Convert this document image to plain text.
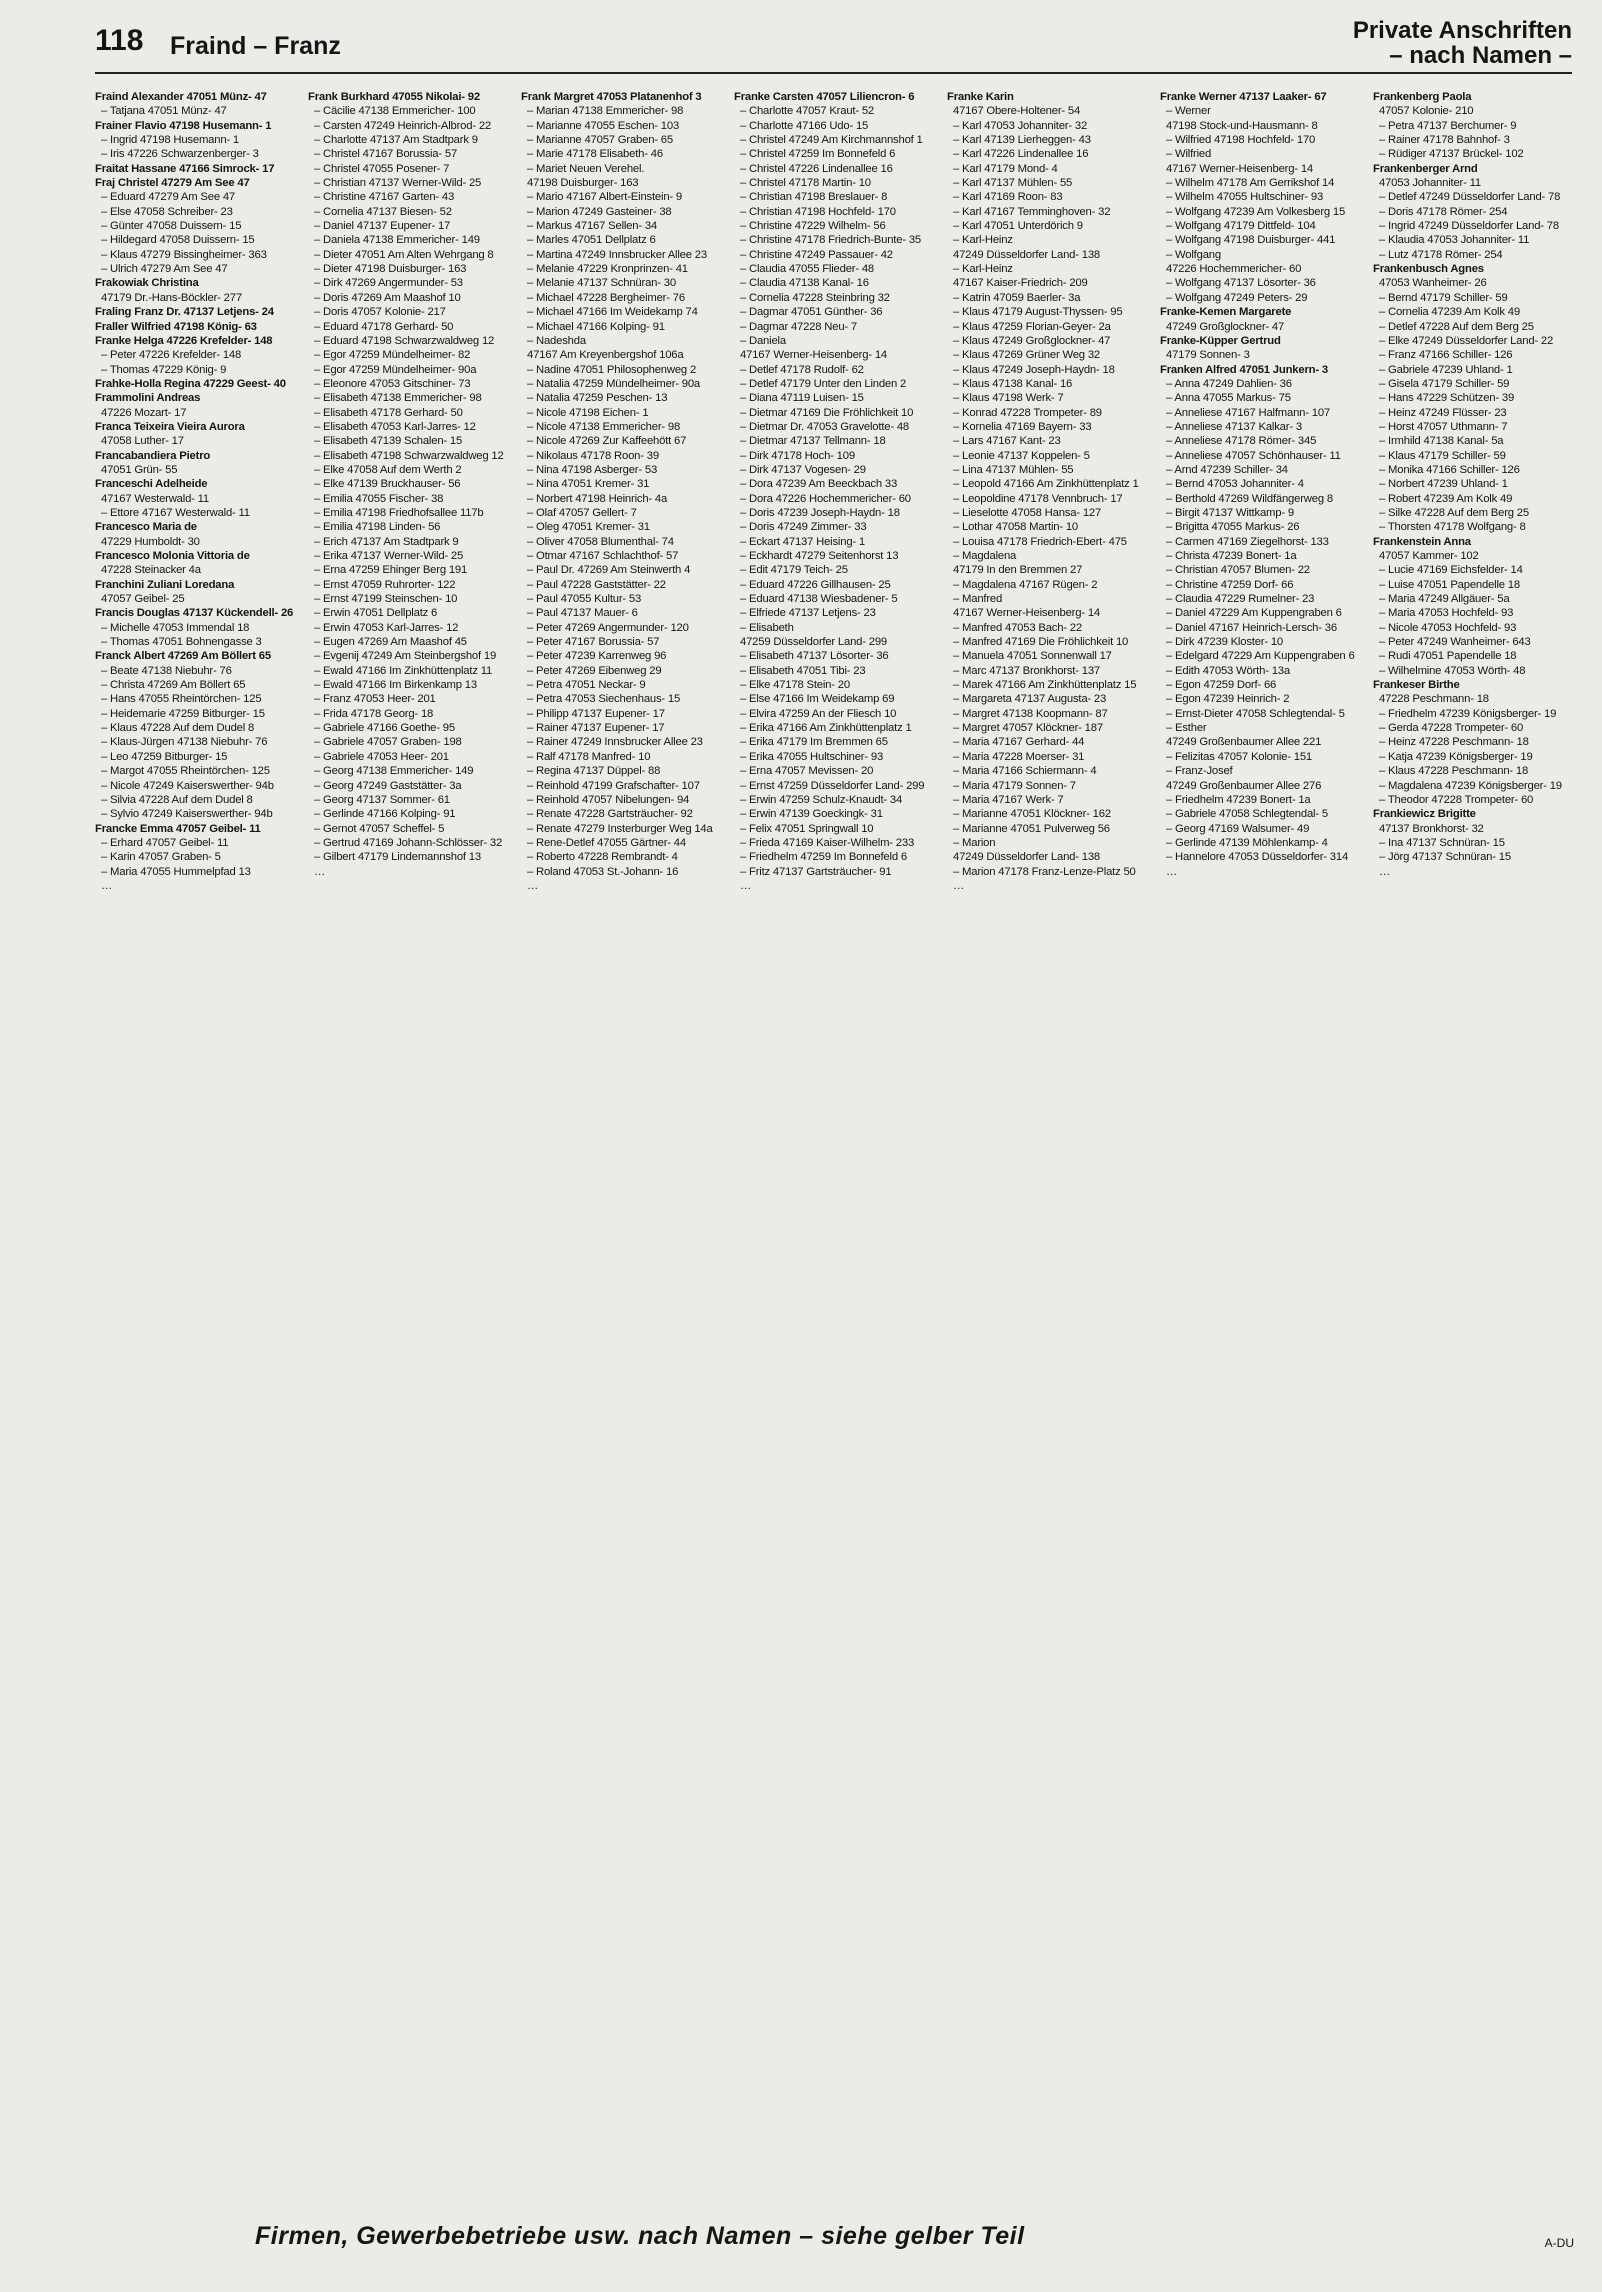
118 Fraind – Franz
Private Anschriften
– nach Namen –
Fraind Alexander 47051 Münz- 47
– Tatjana 47051 Münz- 47
Frainer Flavio 47198 Husemann- 1
– Ingrid 47198 Husemann- 1
– Iris 47226 Schwarzenberger- 3
Fraitat Hassane 47166 Simrock- 17
Fraj Christel 47279 Am See 47
– Eduard 47279 Am See 47
– Else 47058 Schreiber- 23
– Günter 47058 Duissern- 15
– Hildegard 47058 Duissern- 15
– Klaus 47279 Bissingheimer- 363
– Ulrich 47279 Am See 47
Frakowiak Christina
47179 Dr.-Hans-Böckler- 277
Fraling Franz Dr. 47137 Letjens- 24
Fraller Wilfried 47198 König- 63
Franke Helga 47226 Krefelder- 148
– Peter 47226 Krefelder- 148
– Thomas 47229 König- 9
Frahke-Holla Regina 47229 Geest- 40
Frammolini Andreas
47226 Mozart- 17
Franca Teixeira Vieira Aurora
47058 Luther- 17
Francabandiera Pietro
47051 Grün- 55
Franceschi Adelheide
47167 Westerwald- 11
– Ettore 47167 Westerwald- 11
Francesco Maria de
47229 Humboldt- 30
Francesco Molonia Vittoria de
47228 Steinacker 4a
Franchini Zuliani Loredana
47057 Geibel- 25
Francis Douglas 47137 Kückendell- 26
– Michelle 47053 Immendal 18
– Thomas 47051 Bohnengasse 3
Franck Albert 47269 Am Böllert 65
– Beate 47138 Niebuhr- 76
– Christa 47269 Am Böllert 65
– Hans 47055 Rheintörchen- 125
– Heidemarie 47259 Bitburger- 15
– Klaus 47228 Auf dem Dudel 8
– Klaus-Jürgen 47138 Niebuhr- 76
– Leo 47259 Bitburger- 15
– Margot 47055 Rheintörchen- 125
– Nicole 47249 Kaiserswerther- 94b
– Silvia 47228 Auf dem Dudel 8
– Sylvio 47249 Kaiserswerther- 94b
Francke Emma 47057 Geibel- 11
– Erhard 47057 Geibel- 11
– Karin 47057 Graben- 5
– Maria 47055 Hummelpfad 13
…
Frank Burkhard 47055 Nikolai- 92
– Cäcilie 47138 Emmericher- 100
– Carsten 47249 Heinrich-Albrod- 22
– Charlotte 47137 Am Stadtpark 9
– Christel 47167 Borussia- 57
– Christel 47055 Posener- 7
– Christian 47137 Werner-Wild- 25
– Christine 47167 Garten- 43
– Cornelia 47137 Biesen- 52
– Daniel 47137 Eupener- 17
– Daniela 47138 Emmericher- 149
– Dieter 47051 Am Alten Wehrgang 8
– Dieter 47198 Duisburger- 163
– Dirk 47269 Angermunder- 53
– Doris 47269 Am Maashof 10
– Doris 47057 Kolonie- 217
– Eduard 47178 Gerhard- 50
– Eduard 47198 Schwarzwaldweg 12
– Egor 47259 Mündelheimer- 82
– Egor 47259 Mündelheimer- 90a
– Eleonore 47053 Gitschiner- 73
– Elisabeth 47138 Emmericher- 98
– Elisabeth 47178 Gerhard- 50
– Elisabeth 47053 Karl-Jarres- 12
– Elisabeth 47139 Schalen- 15
– Elisabeth 47198 Schwarzwaldweg 12
– Elke 47058 Auf dem Werth 2
– Elke 47139 Bruckhauser- 56
– Emilia 47055 Fischer- 38
– Emilia 47198 Friedhofsallee 117b
– Emilia 47198 Linden- 56
– Erich 47137 Am Stadtpark 9
– Erika 47137 Werner-Wild- 25
– Erna 47259 Ehinger Berg 191
– Ernst 47059 Ruhrorter- 122
– Ernst 47199 Steinschen- 10
– Erwin 47051 Dellplatz 6
– Erwin 47053 Karl-Jarres- 12
– Eugen 47269 Am Maashof 45
– Evgenij 47249 Am Steinbergshof 19
– Ewald 47166 Im Zinkhüttenplatz 11
– Ewald 47166 Im Birkenkamp 13
– Franz 47053 Heer- 201
– Frida 47178 Georg- 18
– Gabriele 47166 Goethe- 95
– Gabriele 47057 Graben- 198
– Gabriele 47053 Heer- 201
– Georg 47138 Emmericher- 149
– Georg 47249 Gaststätter- 3a
– Georg 47137 Sommer- 61
– Gerlinde 47166 Kolping- 91
– Gernot 47057 Scheffel- 5
– Gertrud 47169 Johann-Schlösser- 32
– Gilbert 47179 Lindemannshof 13
…
Frank Margret 47053 Platanenhof 3
– Marian 47138 Emmericher- 98
– Marianne 47055 Eschen- 103
– Marianne 47057 Graben- 65
– Marie 47178 Elisabeth- 46
– Mariet Neuen Verehel.
47198 Duisburger- 163
– Mario 47167 Albert-Einstein- 9
– Marion 47249 Gasteiner- 38
– Markus 47167 Sellen- 34
– Marles 47051 Dellplatz 6
– Martina 47249 Innsbrucker Allee 23
– Melanie 47229 Kronprinzen- 41
– Melanie 47137 Schnüran- 30
– Michael 47228 Bergheimer- 76
– Michael 47166 Im Weidekamp 74
– Michael 47166 Kolping- 91
– Nadeshda
47167 Am Kreyenbergshof 106a
– Nadine 47051 Philosophenweg 2
– Natalia 47259 Mündelheimer- 90a
– Natalia 47259 Peschen- 13
– Nicole 47198 Eichen- 1
– Nicole 47138 Emmericher- 98
– Nicole 47269 Zur Kaffeehött 67
– Nikolaus 47178 Roon- 39
– Nina 47198 Asberger- 53
– Nina 47051 Kremer- 31
– Norbert 47198 Heinrich- 4a
– Olaf 47057 Gellert- 7
– Oleg 47051 Kremer- 31
– Oliver 47058 Blumenthal- 74
– Otmar 47167 Schlachthof- 57
– Paul Dr. 47269 Am Steinwerth 4
– Paul 47228 Gaststätter- 22
– Paul 47055 Kultur- 53
– Paul 47137 Mauer- 6
– Peter 47269 Angermunder- 120
– Peter 47167 Borussia- 57
– Peter 47239 Karrenweg 96
– Peter 47269 Eibenweg 29
– Petra 47051 Neckar- 9
– Petra 47053 Siechenhaus- 15
– Philipp 47137 Eupener- 17
– Rainer 47137 Eupener- 17
– Rainer 47249 Innsbrucker Allee 23
– Ralf 47178 Manfred- 10
– Regina 47137 Düppel- 88
– Reinhold 47199 Grafschafter- 107
– Reinhold 47057 Nibelungen- 94
– Renate 47228 Gartsträucher- 92
– Renate 47279 Insterburger Weg 14a
– Rene-Detlef 47055 Gärtner- 44
– Roberto 47228 Rembrandt- 4
– Roland 47053 St.-Johann- 16
…
Franke Carsten 47057 Liliencron- 6
– Charlotte 47057 Kraut- 52
– Charlotte 47166 Udo- 15
– Christel 47249 Am Kirchmannshof 1
– Christel 47259 Im Bonnefeld 6
– Christel 47226 Lindenallee 16
– Christel 47178 Martin- 10
– Christian 47198 Breslauer- 8
– Christian 47198 Hochfeld- 170
– Christine 47229 Wilhelm- 56
– Christine 47178 Friedrich-Bunte- 35
– Christine 47249 Passauer- 42
– Claudia 47055 Flieder- 48
– Claudia 47138 Kanal- 16
– Cornelia 47228 Steinbring 32
– Dagmar 47051 Günther- 36
– Dagmar 47228 Neu- 7
– Daniela
47167 Werner-Heisenberg- 14
– Detlef 47178 Rudolf- 62
– Detlef 47179 Unter den Linden 2
– Diana 47119 Luisen- 15
– Dietmar 47169 Die Fröhlichkeit 10
– Dietmar Dr. 47053 Gravelotte- 48
– Dietmar 47137 Tellmann- 18
– Dirk 47178 Hoch- 109
– Dirk 47137 Vogesen- 29
– Dora 47239 Am Beeckbach 33
– Dora 47226 Hochemmericher- 60
– Doris 47239 Joseph-Haydn- 18
– Doris 47249 Zimmer- 33
– Eckart 47137 Heising- 1
– Eckhardt 47279 Seitenhorst 13
– Edit 47179 Teich- 25
– Eduard 47226 Gillhausen- 25
– Eduard 47138 Wiesbadener- 5
– Elfriede 47137 Letjens- 23
– Elisabeth
47259 Düsseldorfer Land- 299
– Elisabeth 47137 Lösorter- 36
– Elisabeth 47051 Tibi- 23
– Elke 47178 Stein- 20
– Else 47166 Im Weidekamp 69
– Elvira 47259 An der Fliesch 10
– Erika 47166 Am Zinkhüttenplatz 1
– Erika 47179 Im Bremmen 65
– Erika 47055 Hultschiner- 93
– Erna 47057 Mevissen- 20
– Ernst 47259 Düsseldorfer Land- 299
– Erwin 47259 Schulz-Knaudt- 34
– Erwin 47139 Goeckingk- 31
– Felix 47051 Springwall 10
– Frieda 47169 Kaiser-Wilhelm- 233
– Friedhelm 47259 Im Bonnefeld 6
– Fritz 47137 Gartsträucher- 91
…
Franke Karin
47167 Obere-Holtener- 54
– Karl 47053 Johanniter- 32
– Karl 47139 Lierheggen- 43
– Karl 47226 Lindenallee 16
– Karl 47179 Mond- 4
– Karl 47137 Mühlen- 55
– Karl 47169 Roon- 83
– Karl 47167 Temminghoven- 32
– Karl 47051 Unterdörich 9
– Karl-Heinz
47249 Düsseldorfer Land- 138
– Karl-Heinz
47167 Kaiser-Friedrich- 209
– Katrin 47059 Baerler- 3a
– Klaus 47179 August-Thyssen- 95
– Klaus 47259 Florian-Geyer- 2a
– Klaus 47249 Großglockner- 47
– Klaus 47269 Grüner Weg 32
– Klaus 47249 Joseph-Haydn- 18
– Klaus 47138 Kanal- 16
– Klaus 47198 Werk- 7
– Konrad 47228 Trompeter- 89
– Kornelia 47169 Bayern- 33
– Lars 47167 Kant- 23
– Leonie 47137 Koppelen- 5
– Lina 47137 Mühlen- 55
– Leopold 47166 Am Zinkhüttenplatz 1
– Leopoldine 47178 Vennbruch- 17
– Lieselotte 47058 Hansa- 127
– Lothar 47058 Martin- 10
– Louisa 47178 Friedrich-Ebert- 475
– Magdalena
47179 In den Bremmen 27
– Magdalena 47167 Rügen- 2
– Manfred
47167 Werner-Heisenberg- 14
– Manfred 47053 Bach- 22
– Manfred 47169 Die Fröhlichkeit 10
– Manuela 47051 Sonnenwall 17
– Marc 47137 Bronkhorst- 137
– Marek 47166 Am Zinkhüttenplatz 15
– Margareta 47137 Augusta- 23
– Margret 47138 Koopmann- 87
– Margret 47057 Klöckner- 187
– Maria 47167 Gerhard- 44
– Maria 47228 Moerser- 31
– Maria 47166 Schiermann- 4
– Maria 47179 Sonnen- 7
– Maria 47167 Werk- 7
– Marianne 47051 Klöckner- 162
– Marianne 47051 Pulverweg 56
– Marion
47249 Düsseldorfer Land- 138
– Marion 47178 Franz-Lenze-Platz 50
…
Franke Werner 47137 Laaker- 67
– Werner
47198 Stock-und-Hausmann- 8
– Wilfried 47198 Hochfeld- 170
– Wilfried
47167 Werner-Heisenberg- 14
– Wilhelm 47178 Am Gerrikshof 14
– Wilhelm 47055 Hultschiner- 93
– Wolfgang 47239 Am Volkesberg 15
– Wolfgang 47179 Dittfeld- 104
– Wolfgang 47198 Duisburger- 441
– Wolfgang
47226 Hochemmericher- 60
– Wolfgang 47137 Lösorter- 36
– Wolfgang 47249 Peters- 29
Franke-Kemen Margarete
47249 Großglockner- 47
Franke-Küpper Gertrud
47179 Sonnen- 3
Franken Alfred 47051 Junkern- 3
– Anna 47249 Dahlien- 36
– Anna 47055 Markus- 75
– Anneliese 47167 Halfmann- 107
– Anneliese 47137 Kalkar- 3
– Anneliese 47178 Römer- 345
– Anneliese 47057 Schönhauser- 11
– Arnd 47239 Schiller- 34
– Bernd 47053 Johanniter- 4
– Berthold 47269 Wildfängerweg 8
– Birgit 47137 Wittkamp- 9
– Brigitta 47055 Markus- 26
– Carmen 47169 Ziegelhorst- 133
– Christa 47239 Bonert- 1a
– Christian 47057 Blumen- 22
– Christine 47259 Dorf- 66
– Claudia 47229 Rumelner- 23
– Daniel 47229 Am Kuppengraben 6
– Daniel 47167 Heinrich-Lersch- 36
– Dirk 47239 Kloster- 10
– Edelgard 47229 Am Kuppengraben 6
– Edith 47053 Wörth- 13a
– Egon 47259 Dorf- 66
– Egon 47239 Heinrich- 2
– Ernst-Dieter 47058 Schlegtendal- 5
– Esther
47249 Großenbaumer Allee 221
– Felizitas 47057 Kolonie- 151
– Franz-Josef
47249 Großenbaumer Allee 276
– Friedhelm 47239 Bonert- 1a
– Gabriele 47058 Schlegtendal- 5
– Georg 47169 Walsumer- 49
– Gerlinde 47139 Möhlenkamp- 4
– Hannelore 47053 Düsseldorfer- 314
…
Frankenberg Paola
47057 Kolonie- 210
– Petra 47137 Berchumer- 9
– Rainer 47178 Bahnhof- 3
– Rüdiger 47137 Brückel- 102
Frankenberger Arnd
47053 Johanniter- 11
– Detlef 47249 Düsseldorfer Land- 78
– Doris 47178 Römer- 254
– Ingrid 47249 Düsseldorfer Land- 78
– Klaudia 47053 Johanniter- 11
– Lutz 47178 Römer- 254
Frankenbusch Agnes
47053 Wanheimer- 26
– Bernd 47179 Schiller- 59
– Cornelia 47239 Am Kolk 49
– Detlef 47228 Auf dem Berg 25
– Elke 47249 Düsseldorfer Land- 22
– Franz 47166 Schiller- 126
– Gabriele 47239 Uhland- 1
– Gisela 47179 Schiller- 59
– Hans 47229 Schützen- 39
– Heinz 47249 Flüsser- 23
– Horst 47057 Uthmann- 7
– Irmhild 47138 Kanal- 5a
– Klaus 47179 Schiller- 59
– Monika 47166 Schiller- 126
– Norbert 47239 Uhland- 1
– Robert 47239 Am Kolk 49
– Silke 47228 Auf dem Berg 25
– Thorsten 47178 Wolfgang- 8
Frankenstein Anna
47057 Kammer- 102
– Lucie 47169 Eichsfelder- 14
– Luise 47051 Papendelle 18
– Maria 47249 Allgäuer- 5a
– Maria 47053 Hochfeld- 93
– Nicole 47053 Hochfeld- 93
– Peter 47249 Wanheimer- 643
– Rudi 47051 Papendelle 18
– Wilhelmine 47053 Wörth- 48
Frankeser Birthe
47228 Peschmann- 18
– Friedhelm 47239 Königsberger- 19
– Gerda 47228 Trompeter- 60
– Heinz 47228 Peschmann- 18
– Katja 47239 Königsberger- 19
– Klaus 47228 Peschmann- 18
– Magdalena 47239 Königsberger- 19
– Theodor 47228 Trompeter- 60
Frankiewicz Brigitte
47137 Bronkhorst- 32
– Ina 47137 Schnüran- 15
– Jörg 47137 Schnüran- 15
…
Firmen, Gewerbebetriebe usw. nach Namen – siehe gelber Teil	A-DU
